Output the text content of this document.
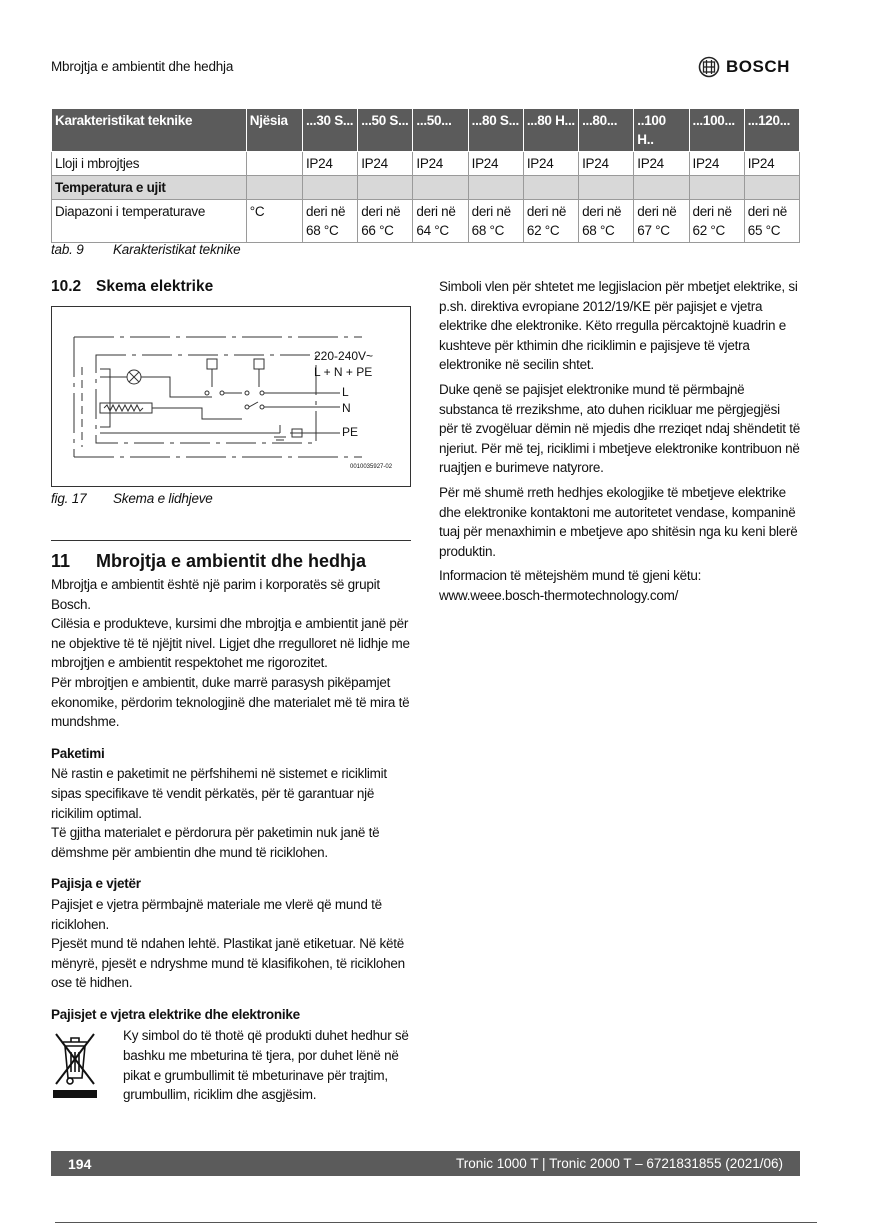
Mbrojtja e ambientit dhe hedhja	BOSCH
Karakteristikat teknike	Njësia	...30 S...	...50 S...	...50...	...80 S...	...80 H...	...80...	..100 H..	...100...	...120...
Lloji i mbrojtjes		IP24	IP24	IP24	IP24	IP24	IP24	IP24	IP24	IP24
Temperatura e ujit										
Diapazoni i temperaturave	°C	deri në 68 °C	deri në 66 °C	deri në 64 °C	deri në 68 °C	deri në 62 °C	deri në 68 °C	deri në 67 °C	deri në 62 °C	deri në 65 °C
tab. 9 Karakteristikat teknike
10.2 Skema elektrike
220-240V~
L + N + PE
L
N
PE
0010035927-02
fig. 17 Skema e lidhjeve
11 Mbrojtja e ambientit dhe hedhja

Mbrojtja e ambientit është një parim i korporatës së grupit Bosch.

Cilësia e produkteve, kursimi dhe mbrojtja e ambientit janë për ne objektive të të njëjtit nivel. Ligjet dhe rregulloret në lidhje me mbrojtjen e ambientit respektohet me rigorozitet.

Për mbrojtjen e ambientit, duke marrë parasysh pikëpamjet ekonomike, përdorim teknologjinë dhe materialet më të mira të mundshme.

Paketimi

Në rastin e paketimit ne përfshihemi në sistemet e riciklimit sipas specifikave të vendit përkatës, për të garantuar një ricikilim optimal.

Të gjitha materialet e përdorura për paketimin nuk janë të dëmshme për ambientin dhe mund të riciklohen.

Pajisja e vjetër

Pajisjet e vjetra përmbajnë materiale me vlerë që mund të riciklohen.

Pjesët mund të ndahen lehtë. Plastikat janë etiketuar. Në këtë mënyrë, pjesët e ndryshme mund të klasifikohen, të riciklohen ose të hidhen.

Pajisjet e vjetra elektrike dhe elektronike

Ky simbol do të thotë që produkti duhet hedhur së bashku me mbeturina të tjera, por duhet lënë në pikat e grumbullimit të mbeturinave për trajtim, grumbullim, riciklim dhe asgjësim.

Simboli vlen për shtetet me legjislacion për mbetjet elektrike, si p.sh. direktiva evropiane 2012/19/KE për pajisjet e vjetra elektrike dhe elektronike. Këto rregulla përcaktojnë kuadrin e kushteve për kthimin dhe riciklimin e pajisjeve të vjetra elektronike në secilin shtet.

Duke qenë se pajisjet elektronike mund të përmbajnë substanca të rrezikshme, ato duhen ricikluar me përgjegjësi për të zvogëluar dëmin në mjedis dhe rreziqet ndaj shëndetit të njeriut. Për më tej, riciklimi i mbetjeve elektronike kontribuon në ruajtjen e burimeve natyrore.

Për më shumë rreth hedhjes ekologjike të mbetjeve elektrike dhe elektronike kontaktoni me autoritetet vendase, kompaninë tuaj për menaxhimin e mbetjeve apo shitësin nga ku keni blerë produktin.

Informacion të mëtejshëm mund të gjeni këtu:

www.weee.bosch-thermotechnology.com/

194	Tronic 1000 T | Tronic 2000 T – 6721831855 (2021/06)
